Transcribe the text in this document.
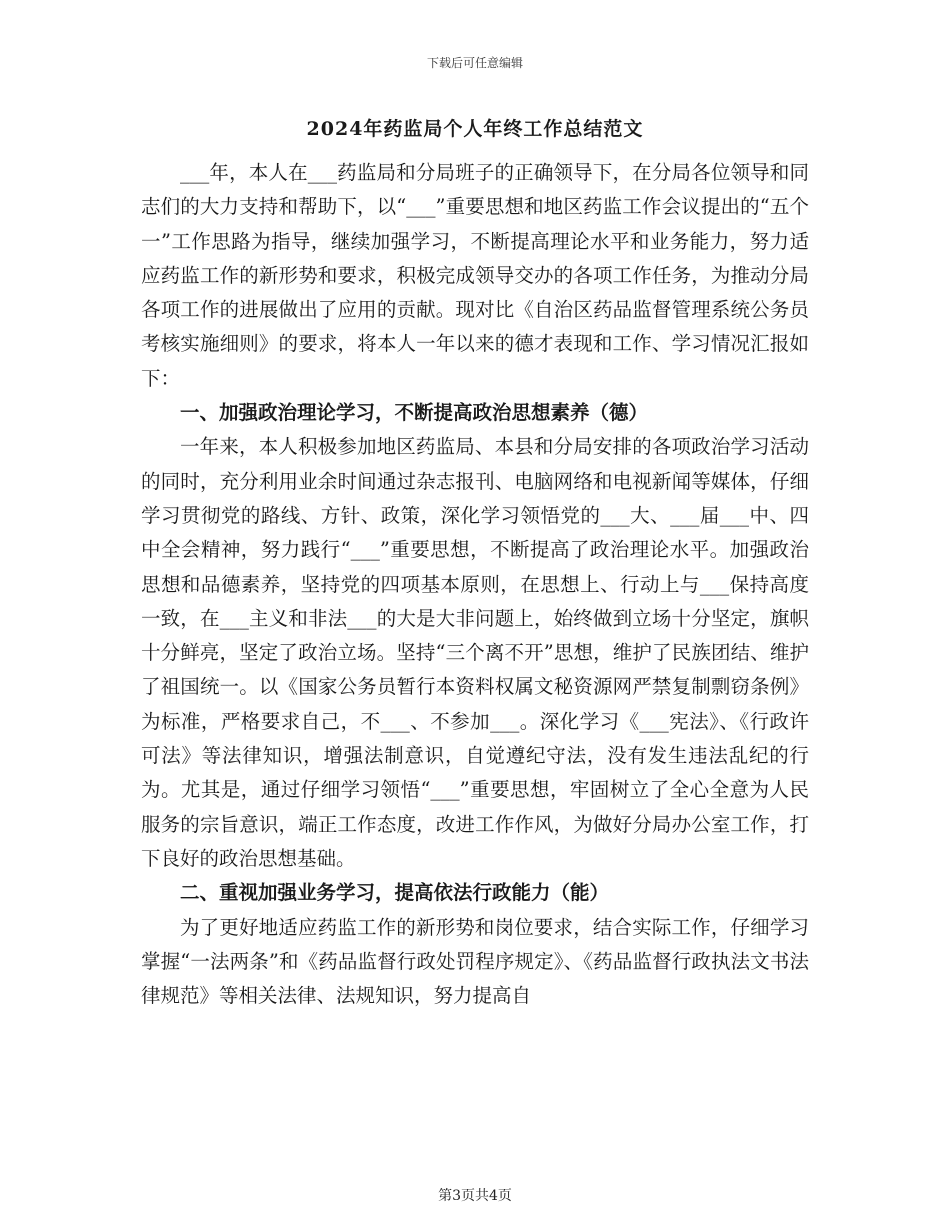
下载后可任意编辑
2024年药监局个人年终工作总结范文

___年，本人在___药监局和分局班子的正确领导下，在分局各位领导和同志们的大力支持和帮助下，以“___”重要思想和地区药监工作会议提出的“五个一”工作思路为指导，继续加强学习，不断提高理论水平和业务能力，努力适应药监工作的新形势和要求，积极完成领导交办的各项工作任务，为推动分局各项工作的进展做出了应用的贡献。现对比《自治区药品监督管理系统公务员考核实施细则》的要求，将本人一年以来的德才表现和工作、学习情况汇报如下：

一、加强政治理论学习，不断提高政治思想素养（德）

一年来，本人积极参加地区药监局、本县和分局安排的各项政治学习活动的同时，充分利用业余时间通过杂志报刊、电脑网络和电视新闻等媒体，仔细学习贯彻党的路线、方针、政策，深化学习领悟党的___大、___届___中、四中全会精神，努力践行“___”重要思想，不断提高了政治理论水平。加强政治思想和品德素养，坚持党的四项基本原则，在思想上、行动上与___保持高度一致，在___主义和非法___的大是大非问题上，始终做到立场十分坚定，旗帜十分鲜亮，坚定了政治立场。坚持“三个离不开”思想，维护了民族团结、维护了祖国统一。以《国家公务员暂行本资料权属文秘资源网严禁复制剽窃条例》为标准，严格要求自己，不___、不参加___。深化学习《___宪法》、《行政许可法》等法律知识，增强法制意识，自觉遵纪守法，没有发生违法乱纪的行为。尤其是，通过仔细学习领悟“___”重要思想，牢固树立了全心全意为人民服务的宗旨意识，端正工作态度，改进工作作风，为做好分局办公室工作，打下良好的政治思想基础。

二、重视加强业务学习，提高依法行政能力（能）

为了更好地适应药监工作的新形势和岗位要求，结合实际工作，仔细学习掌握“一法两条”和《药品监督行政处罚程序规定》、《药品监督行政执法文书法律规范》等相关法律、法规知识，努力提高自

第3页共4页
